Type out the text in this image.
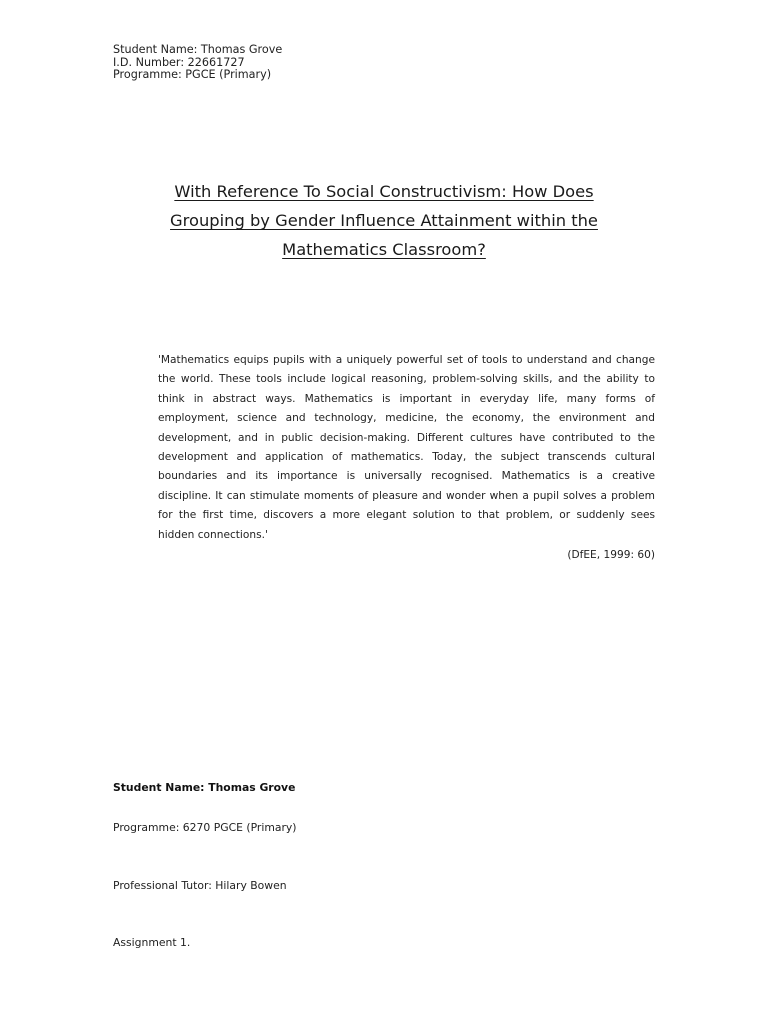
Student Name: Thomas Grove
I.D. Number: 22661727
Programme: PGCE (Primary)
With Reference To Social Constructivism: How Does
Grouping by Gender Influence Attainment within the
Mathematics Classroom?
'Mathematics equips pupils with a uniquely powerful set of tools to understand and change
the world. These tools include logical reasoning, problem-solving skills, and the ability to
think in abstract ways. Mathematics is important in everyday life, many forms of
employment, science and technology, medicine, the economy, the environment and
development, and in public decision-making. Different cultures have contributed to the
development and application of mathematics. Today, the subject transcends cultural
boundaries and its importance is universally recognised. Mathematics is a creative
discipline. It can stimulate moments of pleasure and wonder when a pupil solves a problem
for the first time, discovers a more elegant solution to that problem, or suddenly sees
hidden connections.'
(DfEE, 1999: 60)
Student Name: Thomas Grove
Programme: 6270 PGCE (Primary)
Professional Tutor: Hilary Bowen
Assignment 1.
